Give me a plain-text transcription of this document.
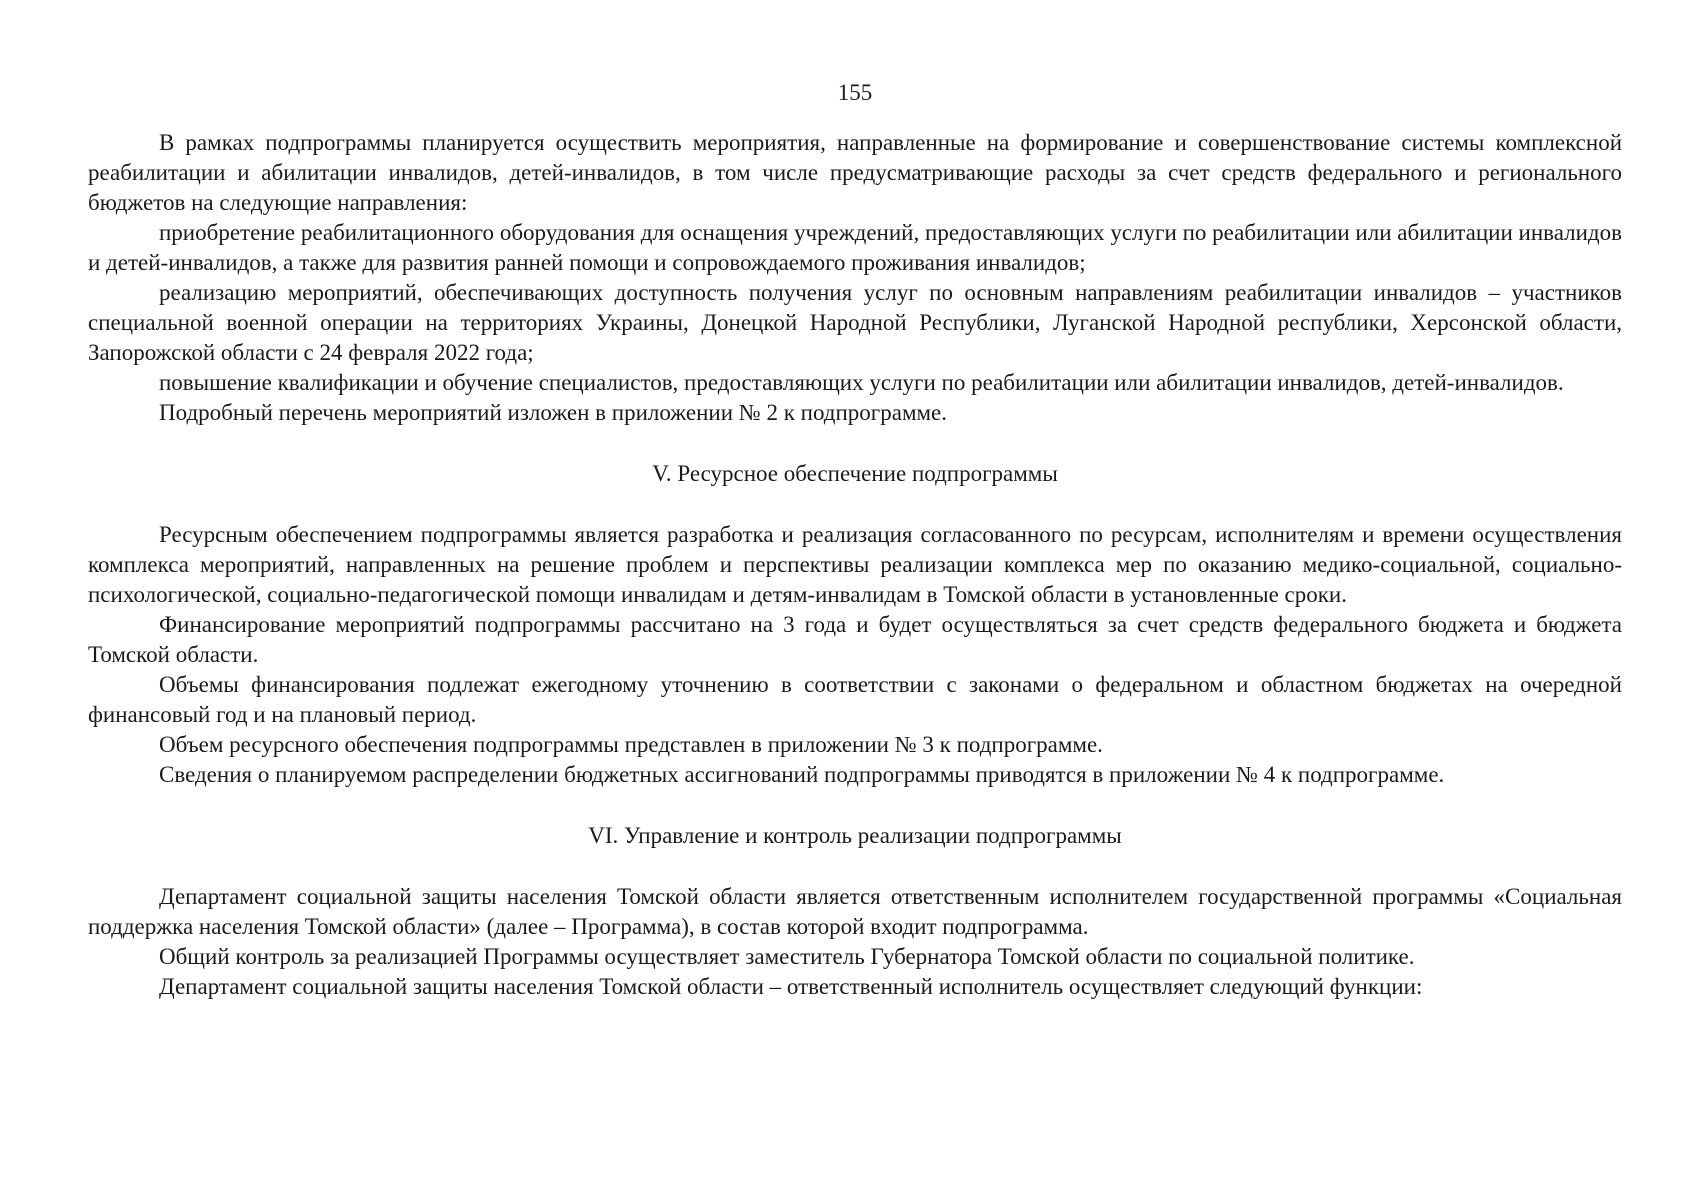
155

В рамках подпрограммы планируется осуществить мероприятия, направленные на формирование и совершенствование системы комплексной реабилитации и абилитации инвалидов, детей-инвалидов, в том числе предусматривающие расходы за счет средств федерального и регионального бюджетов на следующие направления:

приобретение реабилитационного оборудования для оснащения учреждений, предоставляющих услуги по реабилитации или абилитации инвалидов и детей-инвалидов, а также для развития ранней помощи и сопровождаемого проживания инвалидов;

реализацию мероприятий, обеспечивающих доступность получения услуг по основным направлениям реабилитации инвалидов – участников специальной военной операции на территориях Украины, Донецкой Народной Республики, Луганской Народной республики, Херсонской области, Запорожской области с 24 февраля 2022 года;

повышение квалификации и обучение специалистов, предоставляющих услуги по реабилитации или абилитации инвалидов, детей-инвалидов.

Подробный перечень мероприятий изложен в приложении № 2 к подпрограмме.

V. Ресурсное обеспечение подпрограммы

Ресурсным обеспечением подпрограммы является разработка и реализация согласованного по ресурсам, исполнителям и времени осуществления комплекса мероприятий, направленных на решение проблем и перспективы реализации комплекса мер по оказанию медико-социальной, социально-психологической, социально-педагогической помощи инвалидам и детям-инвалидам в Томской области в установленные сроки.

Финансирование мероприятий подпрограммы рассчитано на 3 года и будет осуществляться за счет средств федерального бюджета и бюджета Томской области.

Объемы финансирования подлежат ежегодному уточнению в соответствии с законами о федеральном и областном бюджетах на очередной финансовый год и на плановый период.

Объем ресурсного обеспечения подпрограммы представлен в приложении № 3 к подпрограмме.

Сведения о планируемом распределении бюджетных ассигнований подпрограммы приводятся в приложении № 4 к подпрограмме.

VI. Управление и контроль реализации подпрограммы

Департамент социальной защиты населения Томской области является ответственным исполнителем государственной программы «Социальная поддержка населения Томской области» (далее – Программа), в состав которой входит подпрограмма.

Общий контроль за реализацией Программы осуществляет заместитель Губернатора Томской области по социальной политике.

Департамент социальной защиты населения Томской области – ответственный исполнитель осуществляет следующий функции:
